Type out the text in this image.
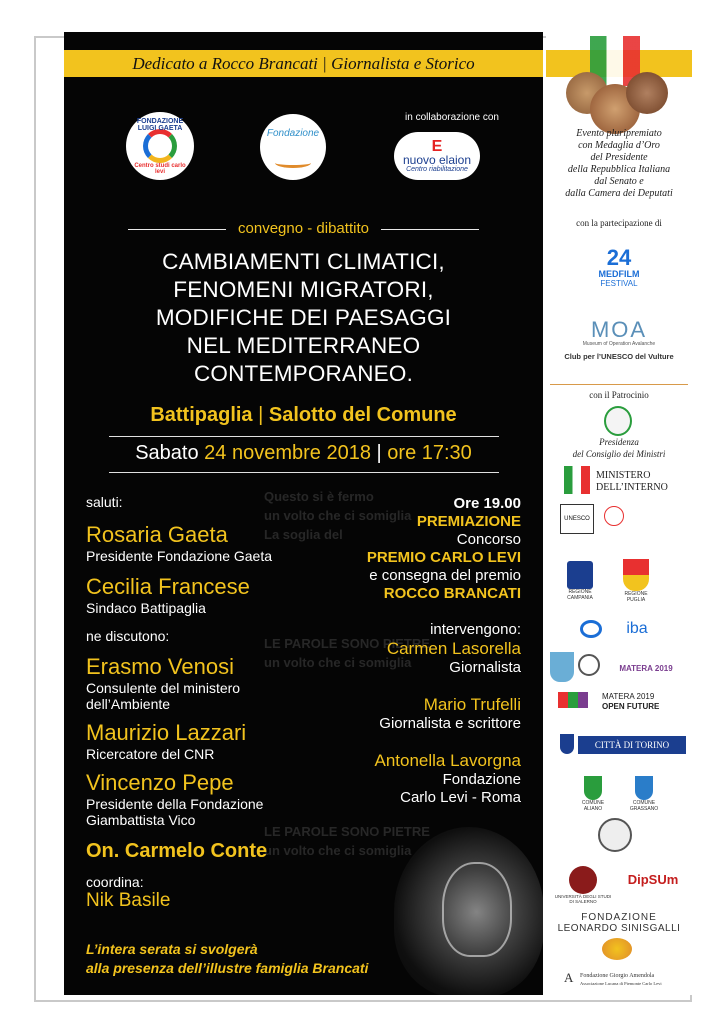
Questo si è fermo
un volto che ci somiglia
La soglia del
LE PAROLE SONO PIETRE
un volto che ci somiglia
LE PAROLE SONO PIETRE
un volto che ci somiglia
Dedicato a Rocco Brancati | Giornalista e Storico
FONDAZIONE LUIGI GAETA
Centro studi carlo levi
Fondazione
in collaborazione con
E
nuovo elaion
Centro riabilitazione
convegno - dibattito
CAMBIAMENTI CLIMATICI,
FENOMENI MIGRATORI,
MODIFICHE DEI PAESAGGI
NEL MEDITERRANEO
CONTEMPORANEO.
Battipaglia | Salotto del Comune
Sabato 24 novembre 2018 | ore 17:30
saluti:
Rosaria Gaeta
Presidente Fondazione Gaeta
Cecilia Francese
Sindaco Battipaglia
ne discutono:
Erasmo Venosi
Consulente del ministero
dell’Ambiente
Maurizio Lazzari
Ricercatore del CNR
Vincenzo Pepe
Presidente della Fondazione
Giambattista Vico
On. Carmelo Conte
coordina:
Nik Basile
Ore 19.00
PREMIAZIONE
Concorso
PREMIO CARLO LEVI
e consegna del premio
ROCCO BRANCATI
intervengono:
Carmen Lasorella
Giornalista
Mario Trufelli
Giornalista e scrittore
Antonella Lavorgna
Fondazione
Carlo Levi - Roma
L’intera serata si svolgerà
alla presenza dell’illustre famiglia Brancati
Evento pluripremiato
con Medaglia d’Oro
del Presidente
della Repubblica Italiana
dal Senato e
dalla Camera dei Deputati
con la partecipazione di
24
MEDFILM
FESTIVAL
MOA
Museum of Operation Avalanche
Club per l’UNESCO del Vulture
con il Patrocinio
Presidenza
del Consiglio dei Ministri
MINISTERO
DELL’INTERNO
UNESCO
REGIONE CAMPANIA
REGIONE PUGLIA
iba
MATERA 2019
MATERA 2019
OPEN FUTURE
CITTÀ DI TORINO
COMUNE ALIANO
COMUNE GRASSANO
UNIVERSITÀ DEGLI STUDI
DI SALERNO
DipSUm
FONDAZIONE
LEONARDO SINISGALLI
A Fondazione Giorgio Amendola
Associazione Lucana di Piemonte Carlo Levi
